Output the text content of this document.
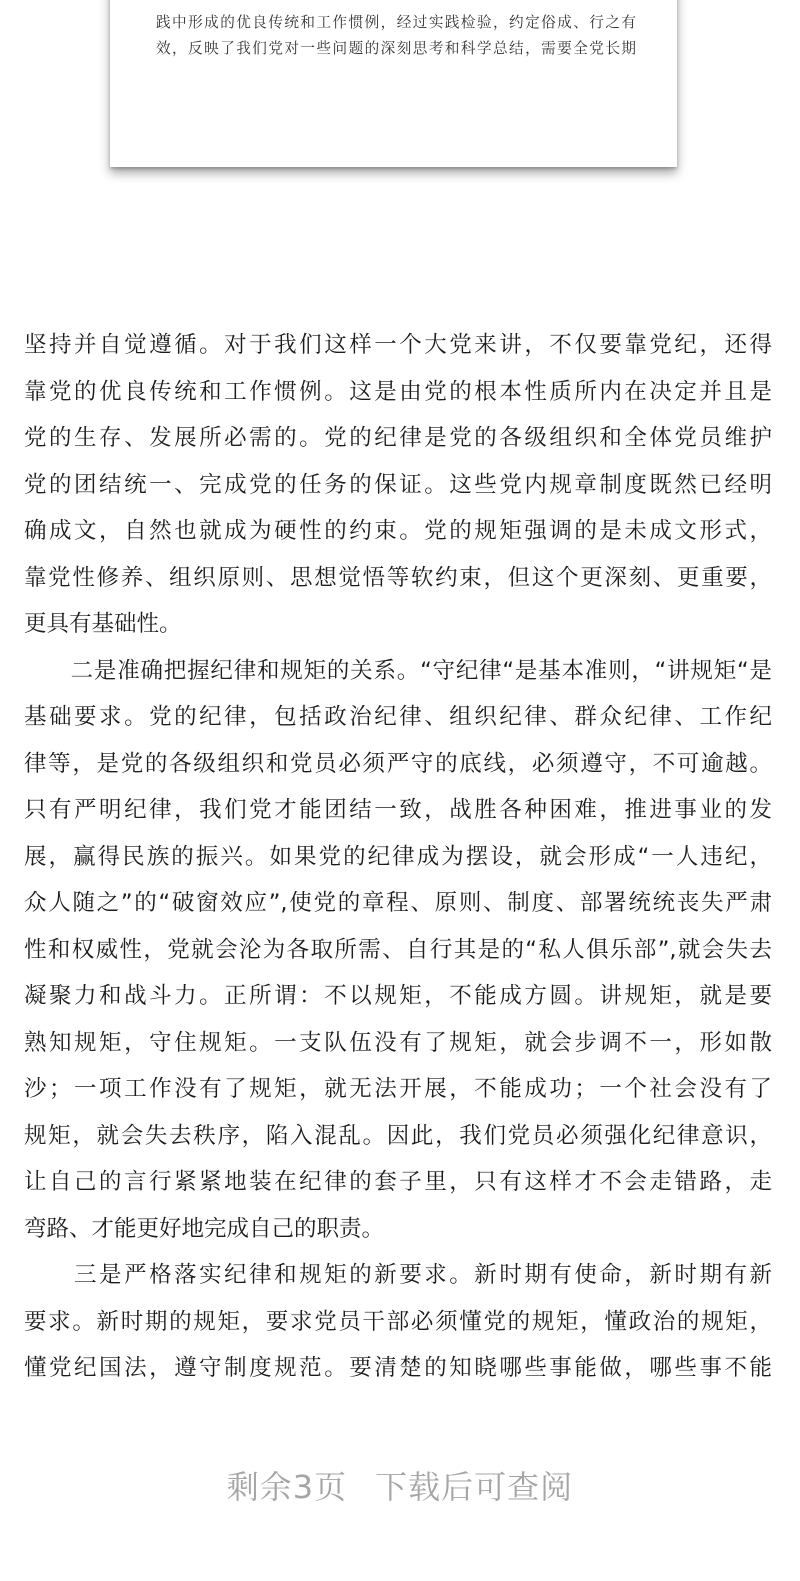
践中形成的优良传统和工作惯例，经过实践检验，约定俗成、行之有
效，反映了我们党对一些问题的深刻思考和科学总结，需要全党长期
坚持并自觉遵循。对于我们这样一个大党来讲，不仅要靠党纪，还得
靠党的优良传统和工作惯例。这是由党的根本性质所内在决定并且是
党的生存、发展所必需的。党的纪律是党的各级组织和全体党员维护
党的团结统一、完成党的任务的保证。这些党内规章制度既然已经明
确成文，自然也就成为硬性的约束。党的规矩强调的是未成文形式，
靠党性修养、组织原则、思想觉悟等软约束，但这个更深刻、更重要，
更具有基础性。
　　二是准确把握纪律和规矩的关系。“守纪律“是基本准则，“讲规矩“是
基础要求。党的纪律，包括政治纪律、组织纪律、群众纪律、工作纪
律等，是党的各级组织和党员必须严守的底线，必须遵守，不可逾越。
只有严明纪律，我们党才能团结一致，战胜各种困难，推进事业的发
展，赢得民族的振兴。如果党的纪律成为摆设，就会形成“一人违纪，
众人随之”的“破窗效应”,使党的章程、原则、制度、部署统统丧失严肃
性和权威性，党就会沦为各取所需、自行其是的“私人俱乐部”,就会失去
凝聚力和战斗力。正所谓：不以规矩，不能成方圆。讲规矩，就是要
熟知规矩，守住规矩。一支队伍没有了规矩，就会步调不一，形如散
沙；一项工作没有了规矩，就无法开展，不能成功；一个社会没有了
规矩，就会失去秩序，陷入混乱。因此，我们党员必须强化纪律意识，
让自己的言行紧紧地装在纪律的套子里，只有这样才不会走错路，走
弯路、才能更好地完成自己的职责。
　　三是严格落实纪律和规矩的新要求。新时期有使命，新时期有新
要求。新时期的规矩，要求党员干部必须懂党的规矩，懂政治的规矩，
懂党纪国法，遵守制度规范。要清楚的知晓哪些事能做，哪些事不能
剩余3页 下载后可查阅
